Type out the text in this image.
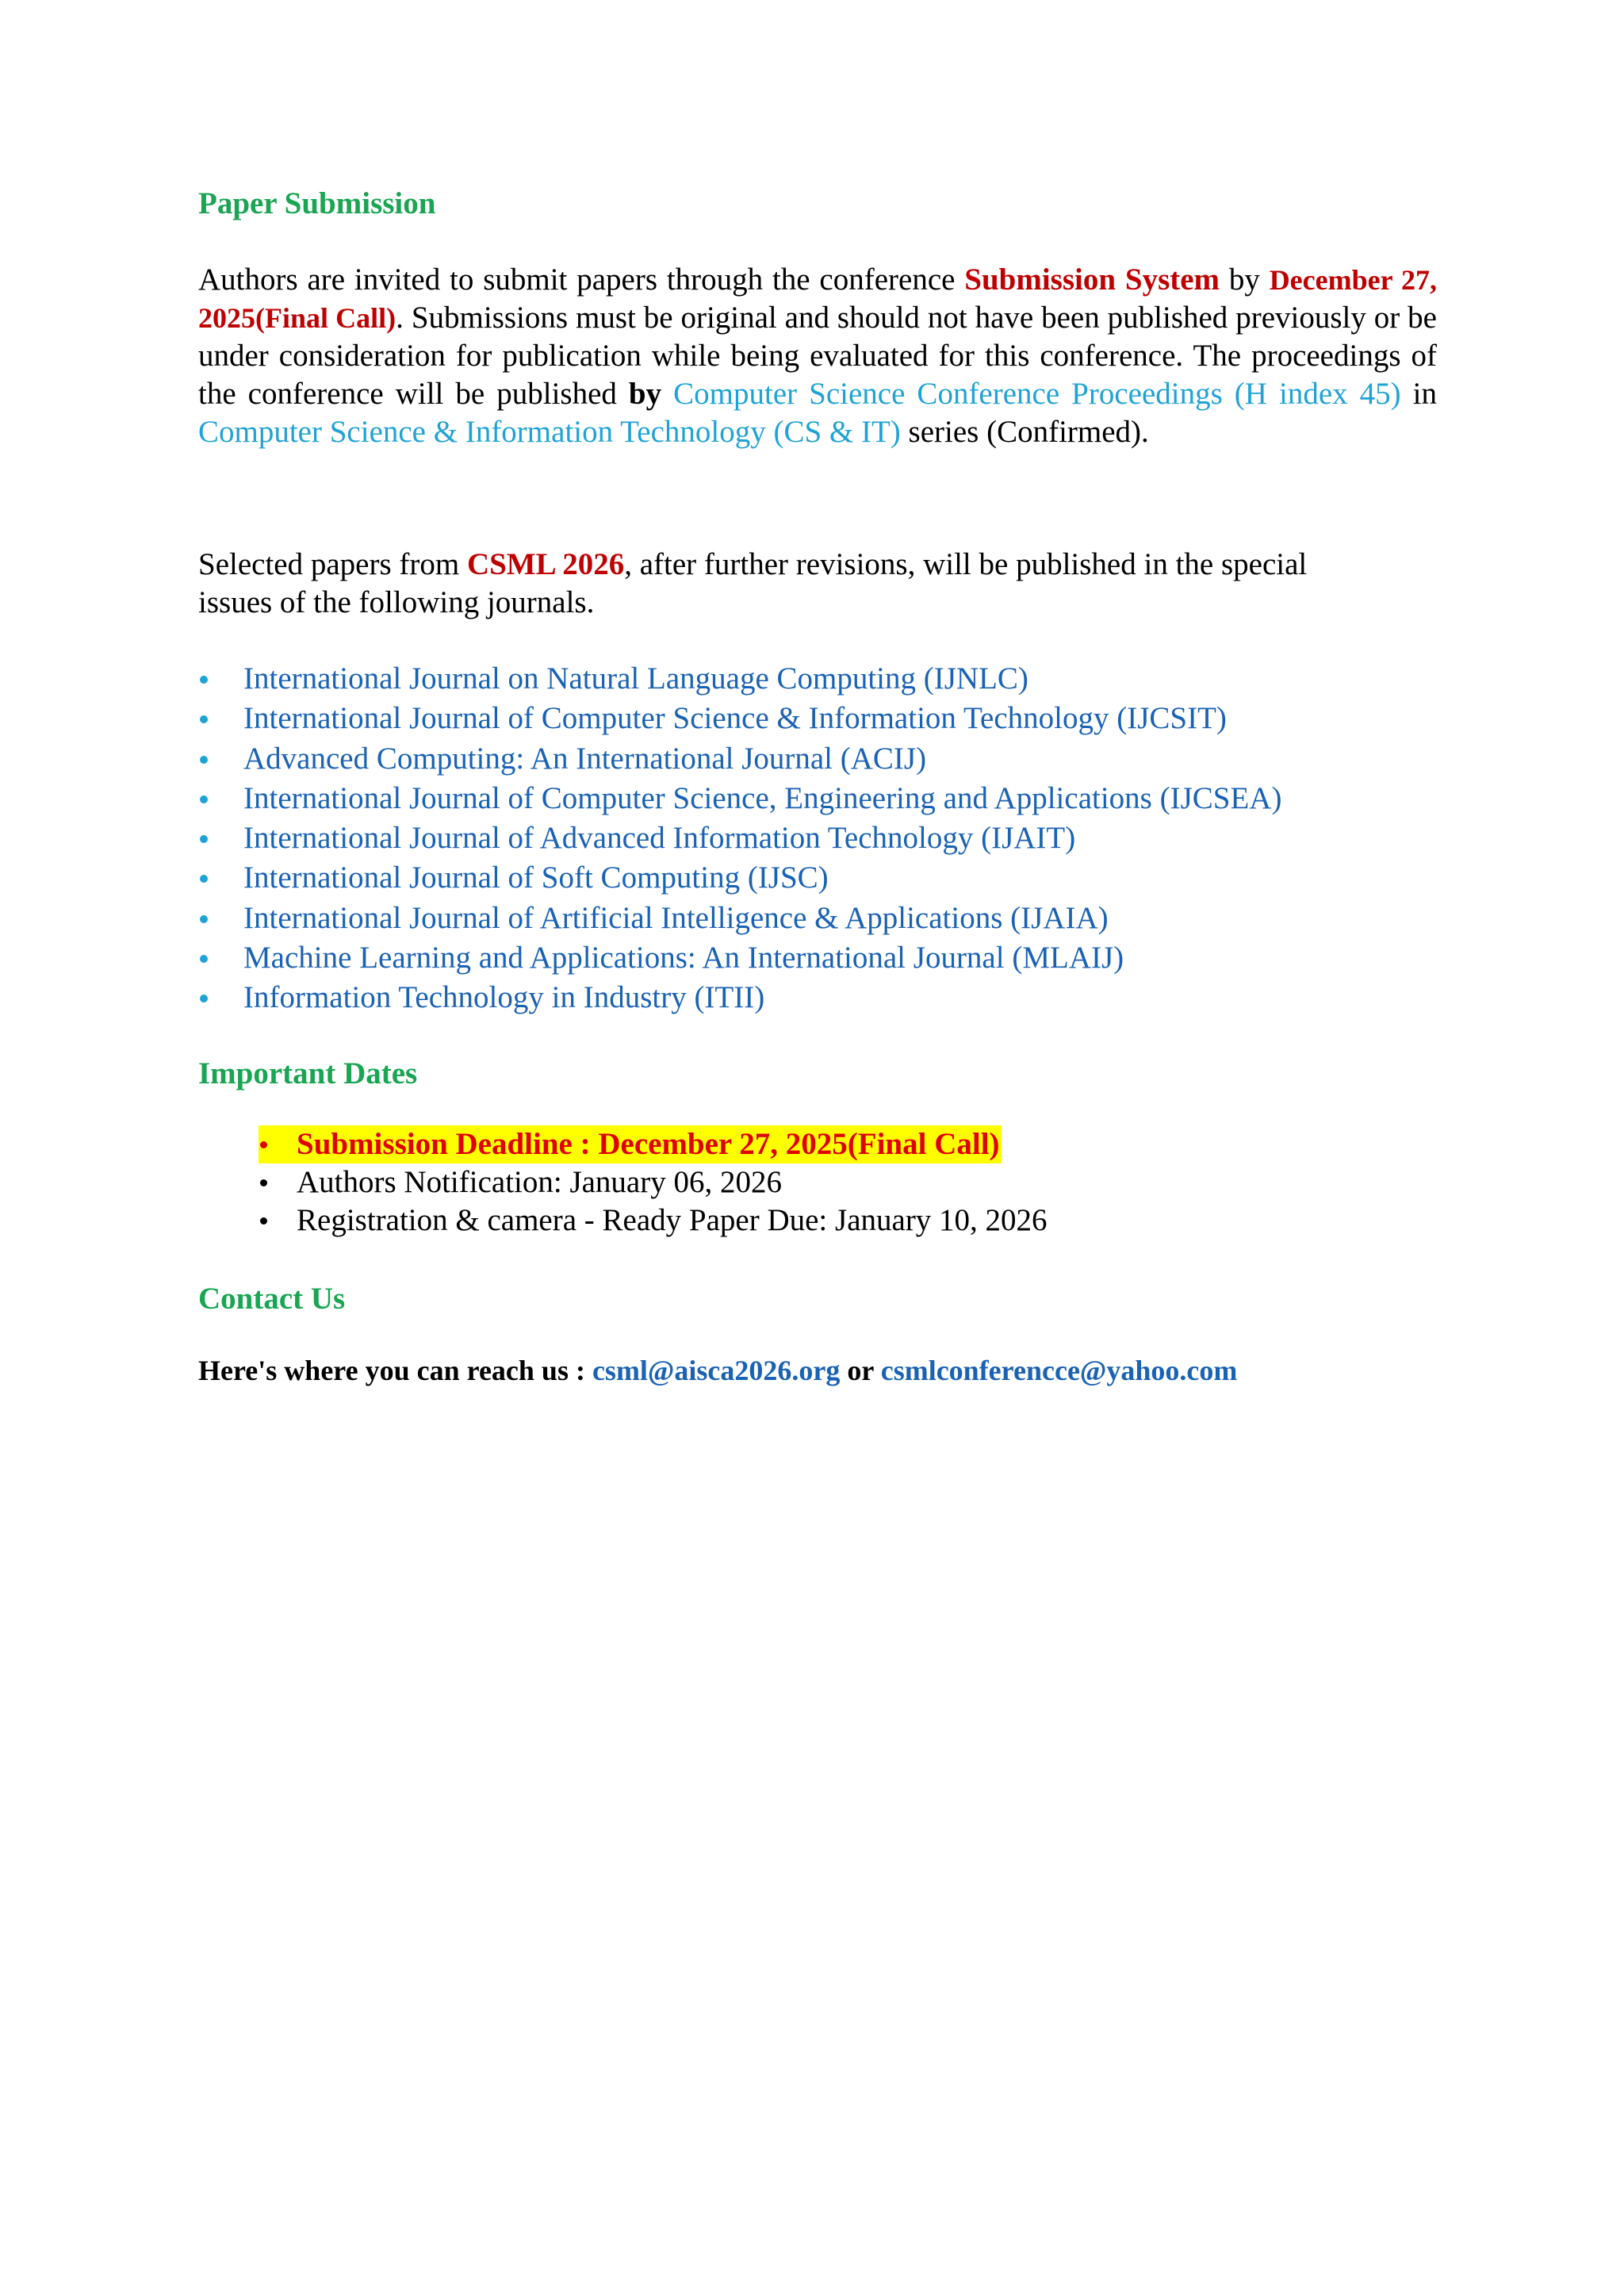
Paper Submission
Authors are invited to submit papers through the conference Submission System by December 27, 2025(Final Call). Submissions must be original and should not have been published previously or be under consideration for publication while being evaluated for this conference. The proceedings of the conference will be published by Computer Science Conference Proceedings (H index 45) in Computer Science & Information Technology (CS & IT) series (Confirmed).
Selected papers from CSML 2026, after further revisions, will be published in the special issues of the following journals.
International Journal on Natural Language Computing (IJNLC)
International Journal of Computer Science & Information Technology (IJCSIT)
Advanced Computing: An International Journal (ACIJ)
International Journal of Computer Science, Engineering and Applications (IJCSEA)
International Journal of Advanced Information Technology (IJAIT)
International Journal of Soft Computing (IJSC)
International Journal of Artificial Intelligence & Applications (IJAIA)
Machine Learning and Applications: An International Journal (MLAIJ)
Information Technology in Industry (ITII)
Important Dates
Submission Deadline : December 27, 2025(Final Call)
Authors Notification: January 06, 2026
Registration & camera - Ready Paper Due: January 10, 2026
Contact Us
Here's where you can reach us : csml@aisca2026.org or csmlconferencce@yahoo.com
